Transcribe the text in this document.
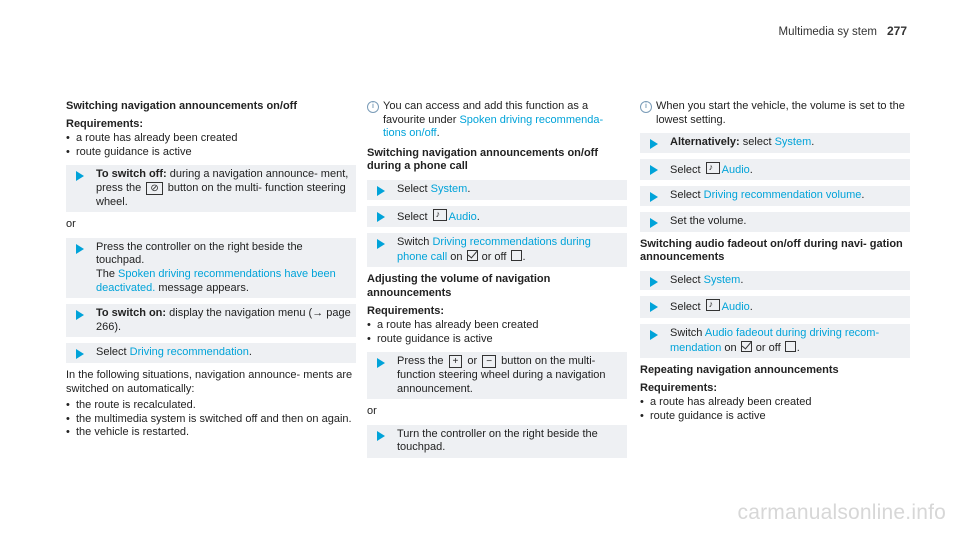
Multimedia sy stem 277
Switching navigation announcements on/off
Requirements:
• a route has already been created
• route guidance is active
To switch off: during a navigation announce- ment, press the ⊘ button on the multi- function steering wheel.
or
Press the controller on the right beside the touchpad.
The Spoken driving recommendations have been deactivated. message appears.
To switch on: display the navigation menu (→ page 266).
Select Driving recommendation.
In the following situations, navigation announce- ments are switched on automatically:
• the route is recalculated.
• the multimedia system is switched off and then on again.
• the vehicle is restarted.
i You can access and add this function as a favourite under Spoken driving recommenda- tions on/off.
Switching navigation announcements on/off during a phone call
Select System.
Select ♪Audio.
Switch Driving recommendations during phone call on  or off .
Adjusting the volume of navigation announcements
Requirements:
• a route has already been created
• route guidance is active
Press the + or − button on the multi- function steering wheel during a navigation announcement.
or
Turn the controller on the right beside the touchpad.
i When you start the vehicle, the volume is set to the lowest setting.
Alternatively: select System.
Select ♪Audio.
Select Driving recommendation volume.
Set the volume.
Switching audio fadeout on/off during navi- gation announcements
Select System.
Select ♪Audio.
Switch Audio fadeout during driving recom- mendation on  or off .
Repeating navigation announcements
Requirements:
• a route has already been created
• route guidance is active
carmanualsonline.info
